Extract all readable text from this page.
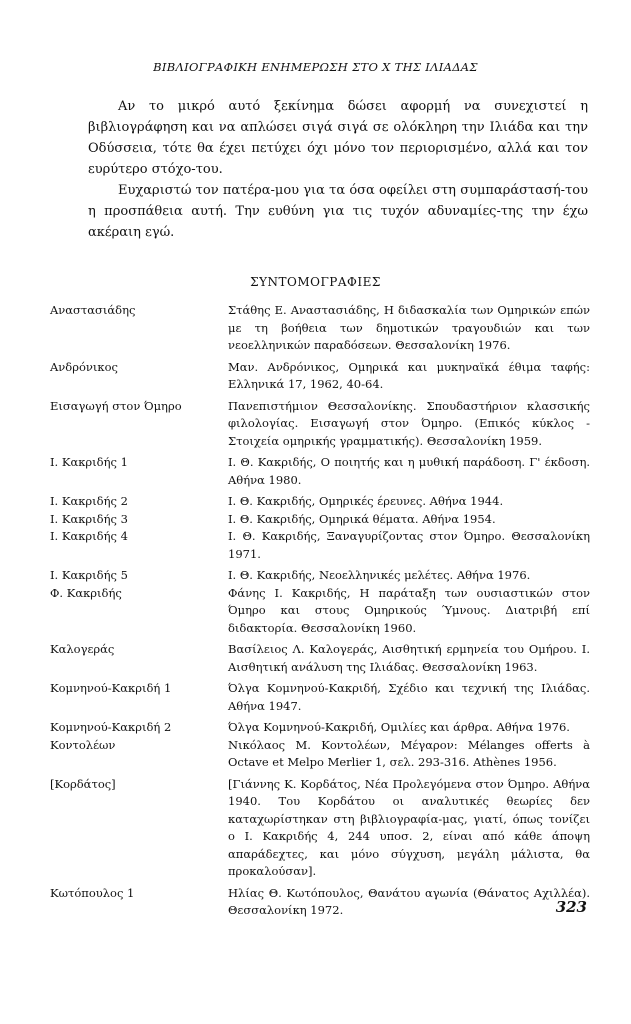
ΒΙΒΛΙΟΓΡΑΦΙΚΗ ΕΝΗΜΕΡΩΣΗ ΣΤΟ Χ ΤΗΣ ΙΛΙΑΔΑΣ

Αν το μικρό αυτό ξεκίνημα δώσει αφορμή να συνεχιστεί η βιβλιογράφηση και να απλώσει σιγά σιγά σε ολόκληρη την Ιλιάδα και την Οδύσσεια, τότε θα έχει πετύχει όχι μόνο τον περιορισμένο, αλλά και τον ευρύτερο στόχο-του.

Ευχαριστώ τον πατέρα-μου για τα όσα οφείλει στη συμπαράστασή-του η προσπάθεια αυτή. Την ευθύνη για τις τυχόν αδυναμίες-της την έχω ακέραιη εγώ.

ΣΥΝΤΟΜΟΓΡΑΦΙΕΣ
Αναστασιάδης	Στάθης Ε. Αναστασιάδης, Η διδασκαλία των Ομηρικών επών με τη βοήθεια των δημοτικών τραγουδιών και των νεοελληνικών παραδόσεων. Θεσσαλονίκη 1976.
Ανδρόνικος	Μαν. Ανδρόνικος, Ομηρικά και μυκηναϊκά έθιμα ταφής: Ελληνικά 17, 1962, 40-64.
Εισαγωγή στον Όμηρο	Πανεπιστήμιον Θεσσαλονίκης. Σπουδαστήριον κλασσικής φιλολογίας. Εισαγωγή στον Όμηρο. (Επικός κύκλος - Στοιχεία ομηρικής γραμματικής). Θεσσαλονίκη 1959.
Ι. Κακριδής 1	Ι. Θ. Κακριδής, Ο ποιητής και η μυθική παράδοση. Γ' έκδοση. Αθήνα 1980.
Ι. Κακριδής 2	Ι. Θ. Κακριδής, Ομηρικές έρευνες. Αθήνα 1944.
Ι. Κακριδής 3	Ι. Θ. Κακριδής, Ομηρικά θέματα. Αθήνα 1954.
Ι. Κακριδής 4	Ι. Θ. Κακριδής, Ξαναγυρίζοντας στον Όμηρο. Θεσσαλονίκη 1971.
Ι. Κακριδής 5	Ι. Θ. Κακριδής, Νεοελληνικές μελέτες. Αθήνα 1976.
Φ. Κακριδής	Φάνης Ι. Κακριδής, Η παράταξη των ουσιαστικών στον Όμηρο και στους Ομηρικούς Ύμνους. Διατριβή επί διδακτορία. Θεσσαλονίκη 1960.
Καλογεράς	Βασίλειος Λ. Καλογεράς, Αισθητική ερμηνεία του Ομήρου. Ι. Αισθητική ανάλυση της Ιλιάδας. Θεσσαλονίκη 1963.
Κομνηνού-Κακριδή 1	Όλγα Κομνηνού-Κακριδή, Σχέδιο και τεχνική της Ιλιάδας. Αθήνα 1947.
Κομνηνού-Κακριδή 2	Όλγα Κομνηνού-Κακριδή, Ομιλίες και άρθρα. Αθήνα 1976.
Κοντολέων	Νικόλαος Μ. Κοντολέων, Μέγαρον: Mélanges offerts à Octave et Melpo Merlier 1, σελ. 293-316. Athènes 1956.
[Κορδάτος]	[Γιάννης Κ. Κορδάτος, Νέα Προλεγόμενα στον Όμηρο. Αθήνα 1940. Του Κορδάτου οι αναλυτικές θεωρίες δεν καταχωρίστηκαν στη βιβλιογραφία-μας, γιατί, όπως τονίζει ο Ι. Κακριδής 4, 244 υποσ. 2, είναι από κάθε άποψη απαράδεχτες, και μόνο σύγχυση, μεγάλη μάλιστα, θα προκαλούσαν].
Κωτόπουλος 1	Ηλίας Θ. Κωτόπουλος, Θανάτου αγωνία (Θάνατος Αχιλλέα). Θεσσαλονίκη 1972.	323
